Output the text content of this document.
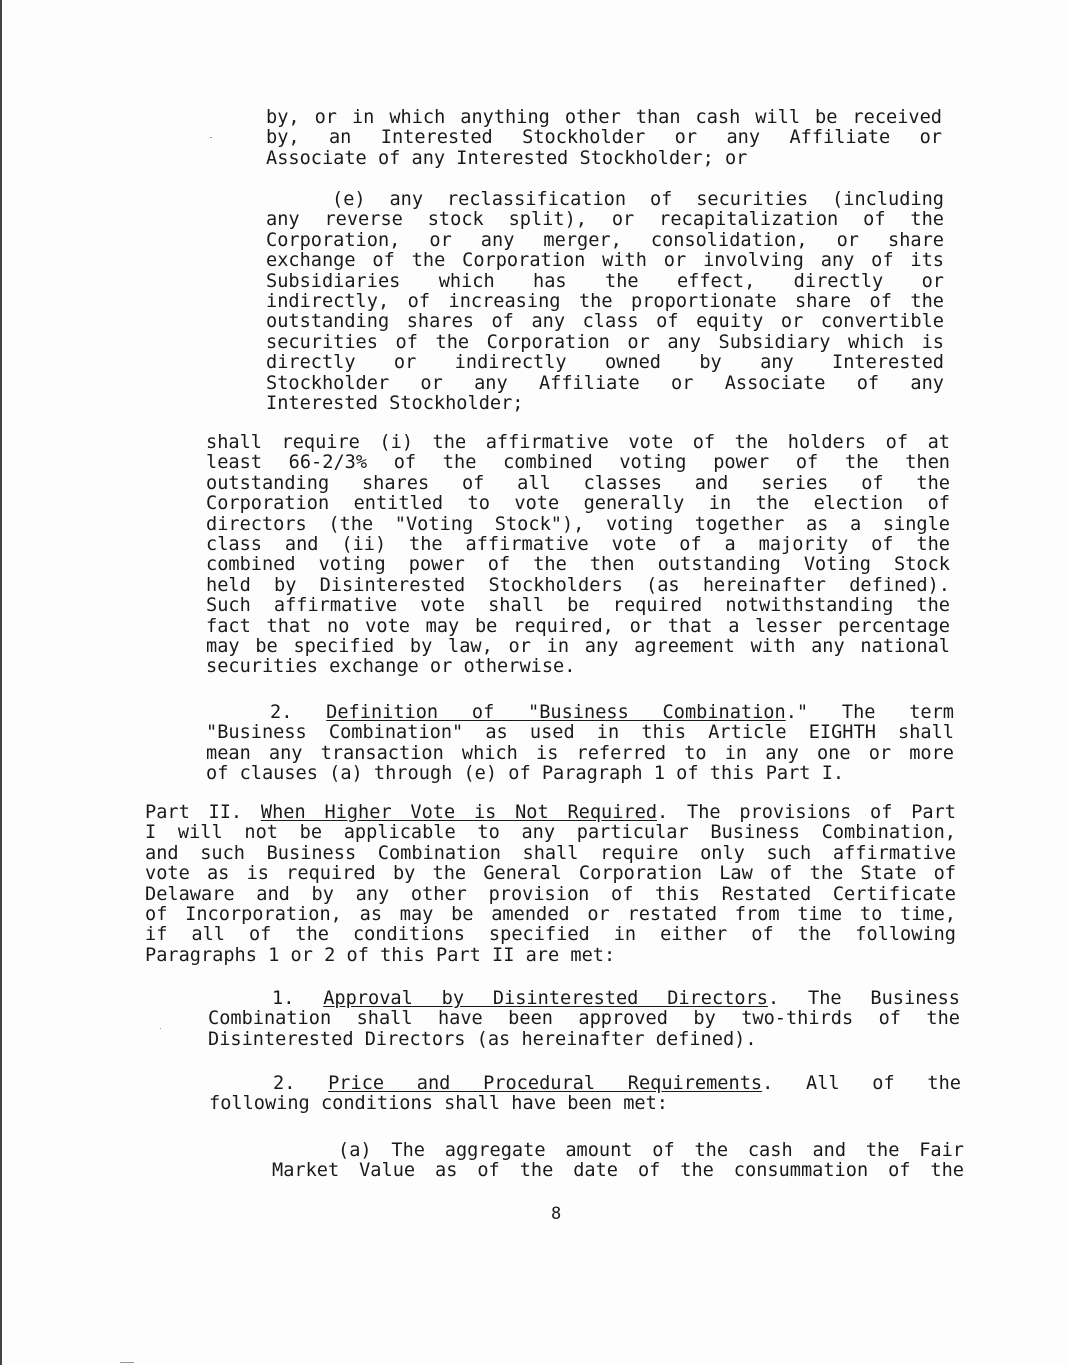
by, or in which anything other than cash will be received

by, an Interested Stockholder or any Affiliate or

Associate of any Interested Stockholder; or

(e) any reclassification of securities (including

any reverse stock split), or recapitalization of the

Corporation, or any merger, consolidation, or share

exchange of the Corporation with or involving any of its

Subsidiaries which has the effect, directly or

indirectly, of increasing the proportionate share of the

outstanding shares of any class of equity or convertible

securities of the Corporation or any Subsidiary which is

directly or indirectly owned by any Interested

Stockholder or any Affiliate or Associate of any

Interested Stockholder;

shall require (i) the affirmative vote of the holders of at

least 66-2/3% of the combined voting power of the then

outstanding shares of all classes and series of the

Corporation entitled to vote generally in the election of

directors (the "Voting Stock"), voting together as a single

class and (ii) the affirmative vote of a majority of the

combined voting power of the then outstanding Voting Stock

held by Disinterested Stockholders (as hereinafter defined).

Such affirmative vote shall be required notwithstanding the

fact that no vote may be required, or that a lesser percentage

may be specified by law, or in any agreement with any national

securities exchange or otherwise.

2. Definition of "Business Combination." The term

"Business Combination" as used in this Article EIGHTH shall

mean any transaction which is referred to in any one or more

of clauses (a) through (e) of Paragraph 1 of this Part I.

Part II. When Higher Vote is Not Required. The provisions of Part

I will not be applicable to any particular Business Combination,

and such Business Combination shall require only such affirmative

vote as is required by the General Corporation Law of the State of

Delaware and by any other provision of this Restated Certificate

of Incorporation, as may be amended or restated from time to time,

if all of the conditions specified in either of the following

Paragraphs 1 or 2 of this Part II are met:

1. Approval by Disinterested Directors. The Business

Combination shall have been approved by two-thirds of the

Disinterested Directors (as hereinafter defined).

2. Price and Procedural Requirements. All of the

following conditions shall have been met:

(a) The aggregate amount of the cash and the Fair

Market Value as of the date of the consummation of the

8
